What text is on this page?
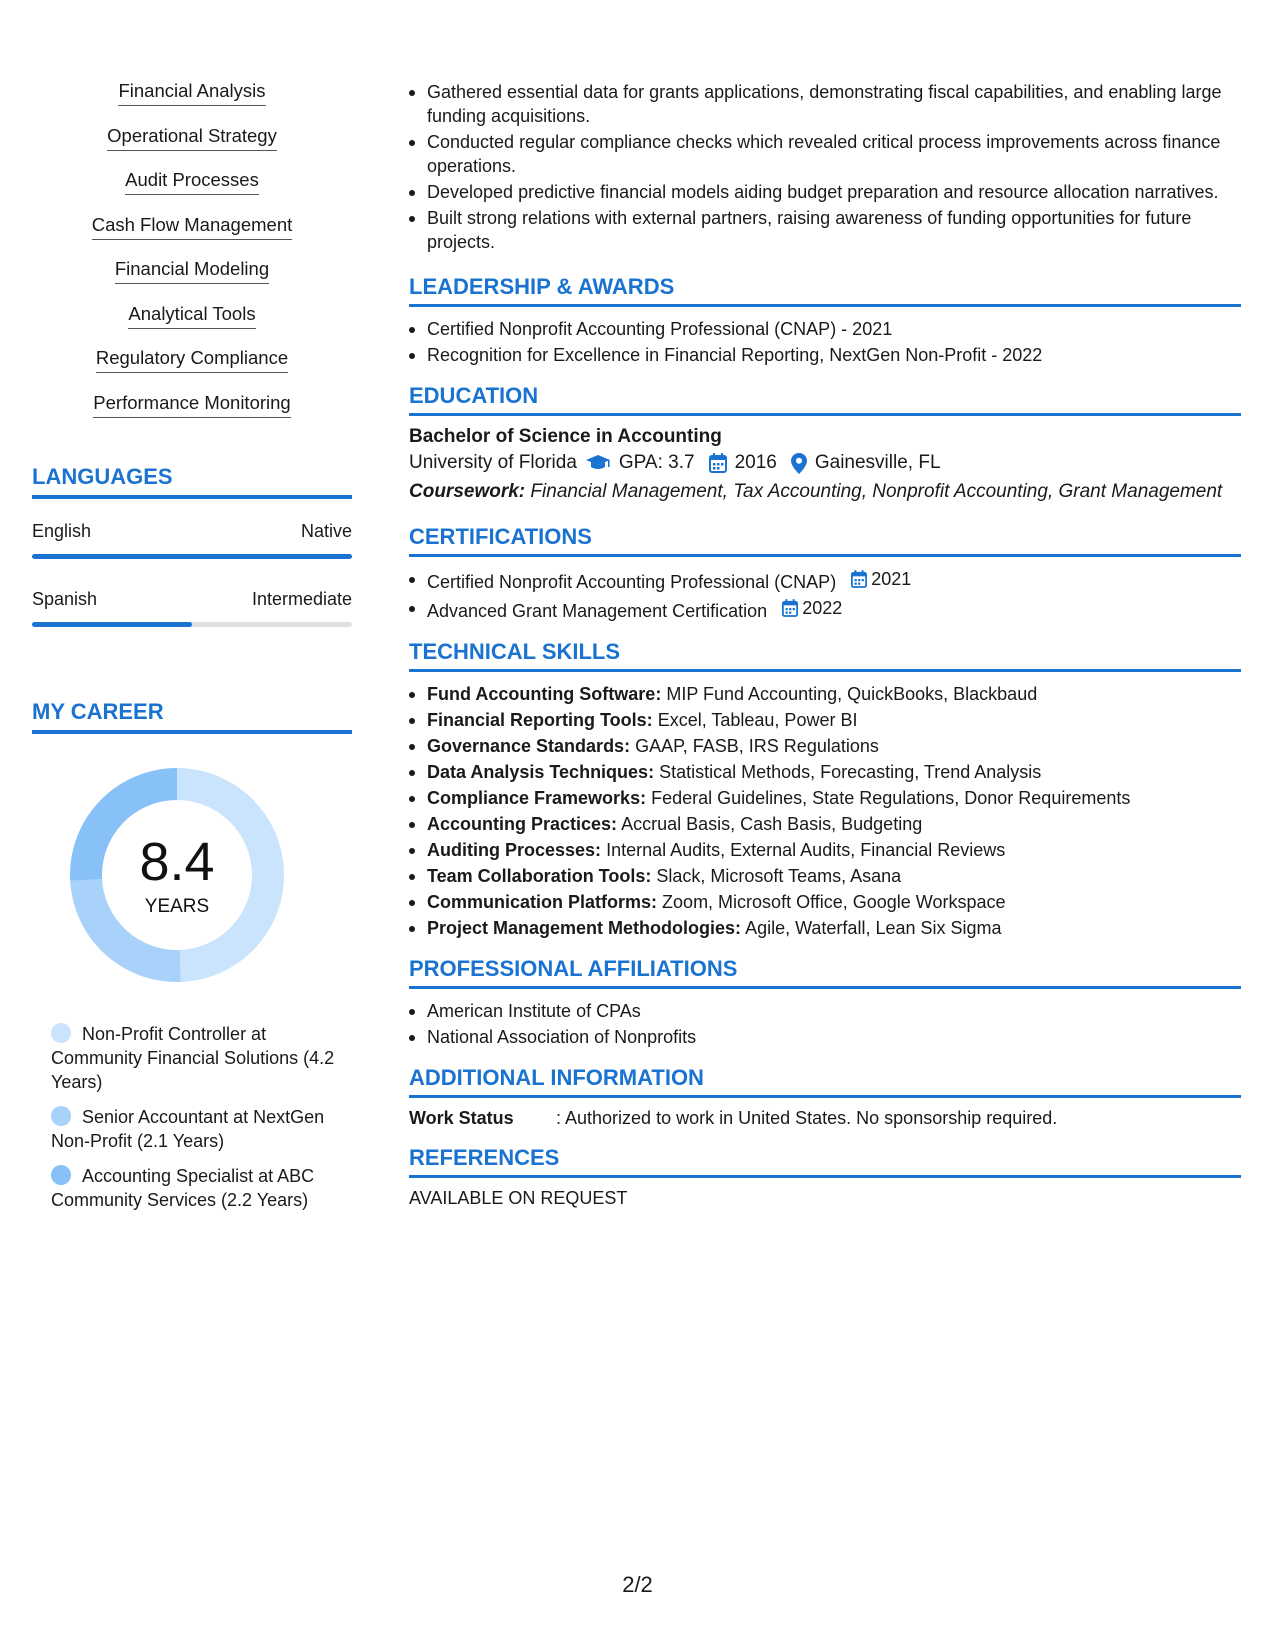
Financial Analysis
Operational Strategy
Audit Processes
Cash Flow Management
Financial Modeling
Analytical Tools
Regulatory Compliance
Performance Monitoring
LANGUAGES
English	Native
Spanish	Intermediate
MY CAREER
8.4
YEARS
Non-Profit Controller at Community Financial Solutions (4.2 Years)
Senior Accountant at NextGen Non-Profit (2.1 Years)
Accounting Specialist at ABC Community Services (2.2 Years)
Gathered essential data for grants applications, demonstrating fiscal capabilities, and enabling large funding acquisitions.
Conducted regular compliance checks which revealed critical process improvements across finance operations.
Developed predictive financial models aiding budget preparation and resource allocation narratives.
Built strong relations with external partners, raising awareness of funding opportunities for future projects.
LEADERSHIP & AWARDS
Certified Nonprofit Accounting Professional (CNAP) - 2021
Recognition for Excellence in Financial Reporting, NextGen Non-Profit - 2022
EDUCATION

Bachelor of Science in Accounting

University of Florida GPA: 3.7 2016 Gainesville, FL
Coursework: Financial Management, Tax Accounting, Nonprofit Accounting, Grant Management
CERTIFICATIONS
Certified Nonprofit Accounting Professional (CNAP) 2021
Advanced Grant Management Certification 2022
TECHNICAL SKILLS
Fund Accounting Software: MIP Fund Accounting, QuickBooks, Blackbaud
Financial Reporting Tools: Excel, Tableau, Power BI
Governance Standards: GAAP, FASB, IRS Regulations
Data Analysis Techniques: Statistical Methods, Forecasting, Trend Analysis
Compliance Frameworks: Federal Guidelines, State Regulations, Donor Requirements
Accounting Practices: Accrual Basis, Cash Basis, Budgeting
Auditing Processes: Internal Audits, External Audits, Financial Reviews
Team Collaboration Tools: Slack, Microsoft Teams, Asana
Communication Platforms: Zoom, Microsoft Office, Google Workspace
Project Management Methodologies: Agile, Waterfall, Lean Six Sigma
PROFESSIONAL AFFILIATIONS
American Institute of CPAs
National Association of Nonprofits
ADDITIONAL INFORMATION
Work Status	: Authorized to work in United States. No sponsorship required.
REFERENCES
AVAILABLE ON REQUEST
2/2
